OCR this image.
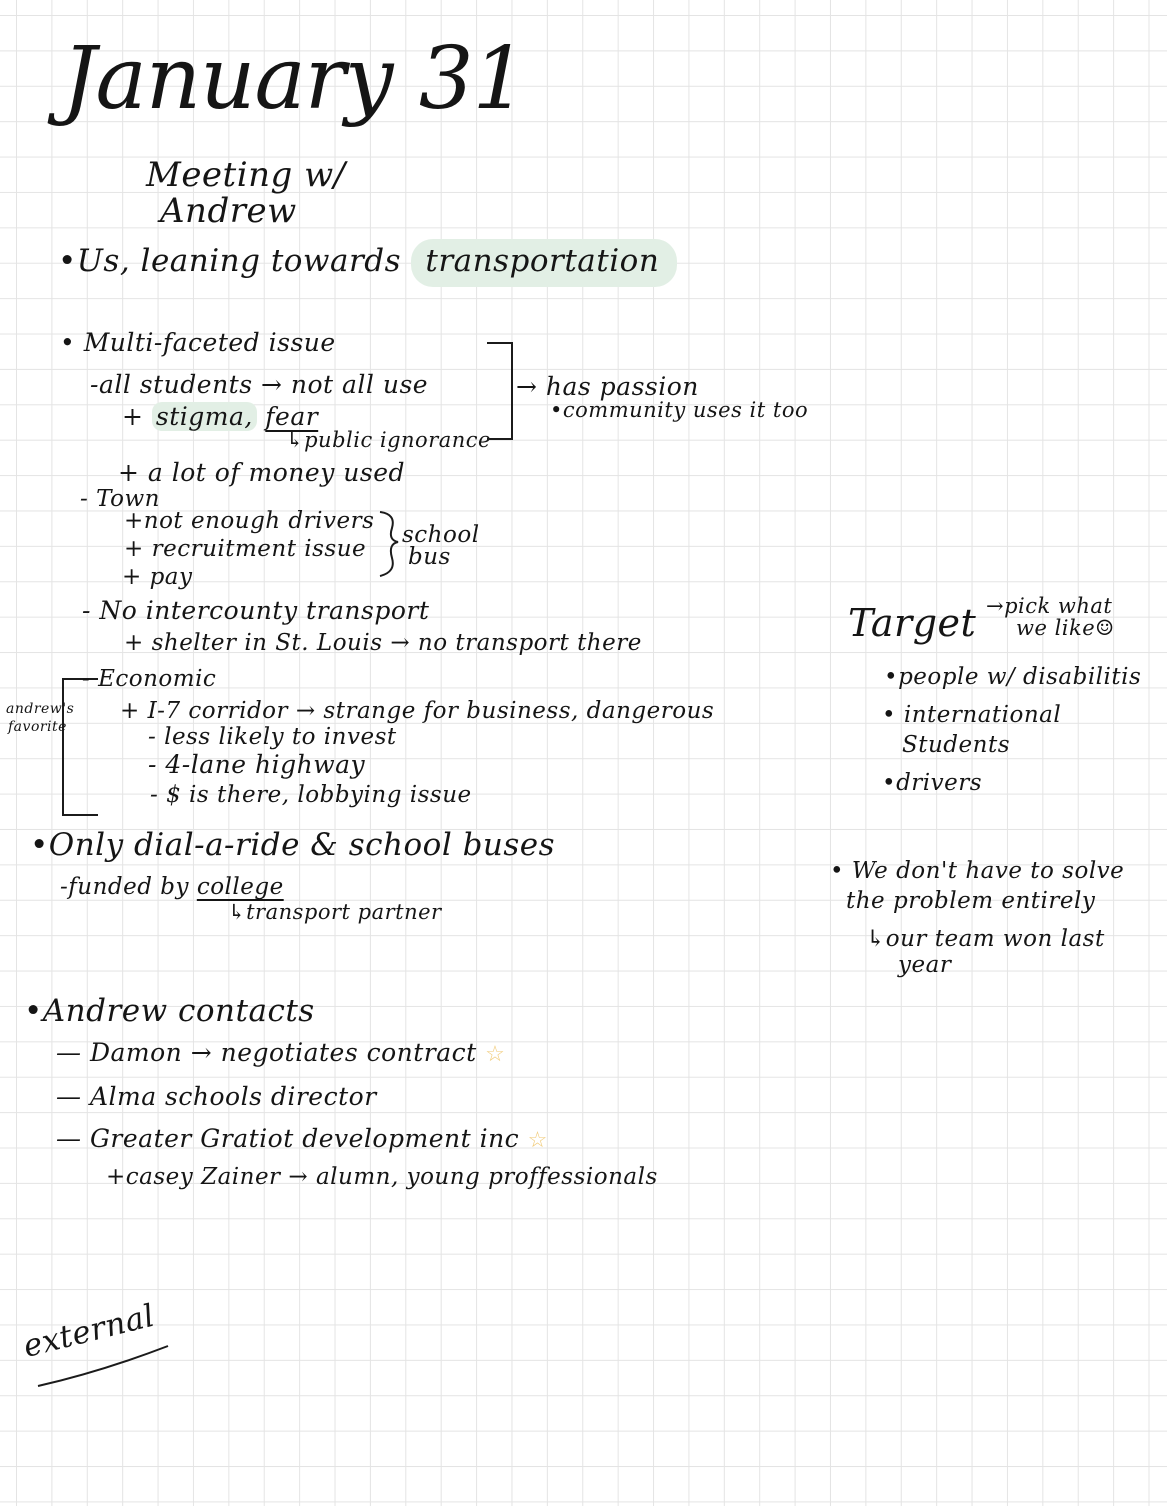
January 31
Meeting w/
Andrew
•Us, leaning towards transportation
• Multi-faceted issue
-all students → not all use
+ stigma, fear
↳public ignorance
→ has passion
•community uses it too
+ a lot of money used
- Town
+not enough drivers
+ recruitment issue
+ pay
school
bus
- No intercounty transport
+ shelter in St. Louis → no transport there
andrew's
favorite
- Economic
+ I-7 corridor → strange for business, dangerous
- less likely to invest
- 4-lane highway
- $ is there, lobbying issue
•Only dial-a-ride & school buses
-funded by college
↳transport partner
•Andrew contacts
— Damon → negotiates contract ☆
— Alma schools director
— Greater Gratiot development inc ☆
+casey Zainer → alumn, young proffessionals
external
Target →pick what
we like☺
•people w/ disabilitis
• international
Students
•drivers
• We don't have to solve
the problem entirely
↳our team won last
year
